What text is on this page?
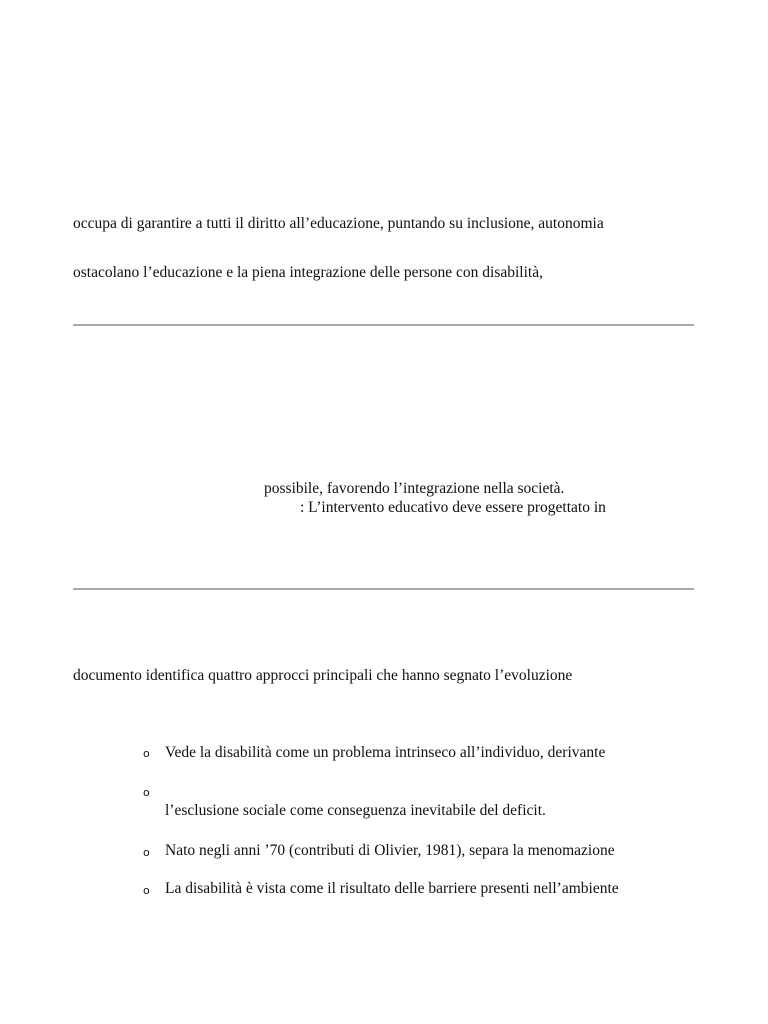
occupa di garantire a tutti il diritto all’educazione, puntando su inclusione, autonomia
ostacolano l’educazione e la piena integrazione delle persone con disabilità,
possibile, favorendo l’integrazione nella società.
: L’intervento educativo deve essere progettato in
documento identifica quattro approcci principali che hanno segnato l’evoluzione
o Vede la disabilità come un problema intrinseco all’individuo, derivante
o
l’esclusione sociale come conseguenza inevitabile del deficit.
o Nato negli anni ’70 (contributi di Olivier, 1981), separa la menomazione
o La disabilità è vista come il risultato delle barriere presenti nell’ambiente
